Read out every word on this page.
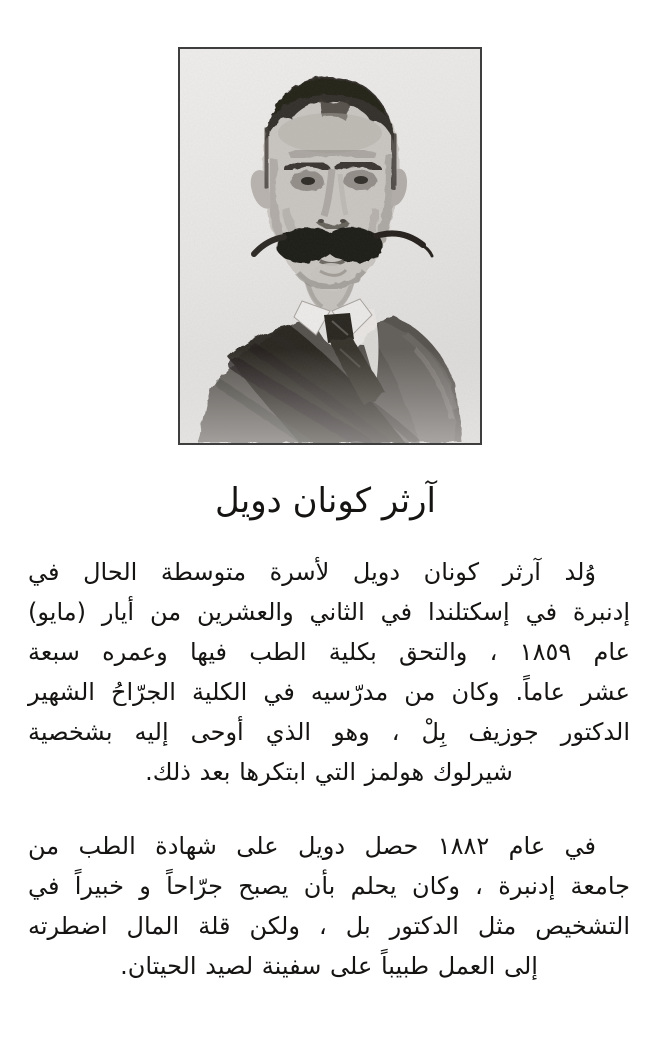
آرثر كونان دويل
وُلد آرثر كونان دويل لأسرة متوسطة الحال في
إدنبرة في إسكتلندا في الثاني والعشرين من أيار (مايو)
عام ١٨٥٩ ، والتحق بكلية الطب فيها وعمره سبعة
عشر عاماً. وكان من مدرّسيه في الكلية الجرّاحُ الشهير
الدكتور جوزيف بِلْ ، وهو الذي أوحى إليه بشخصية
شيرلوك هولمز التي ابتكرها بعد ذلك.
في عام ١٨٨٢ حصل دويل على شهادة الطب من
جامعة إدنبرة ، وكان يحلم بأن يصبح جرّاحاً و خبيراً في
التشخيص مثل الدكتور بل ، ولكن قلة المال اضطرته
إلى العمل طبيباً على سفينة لصيد الحيتان.
